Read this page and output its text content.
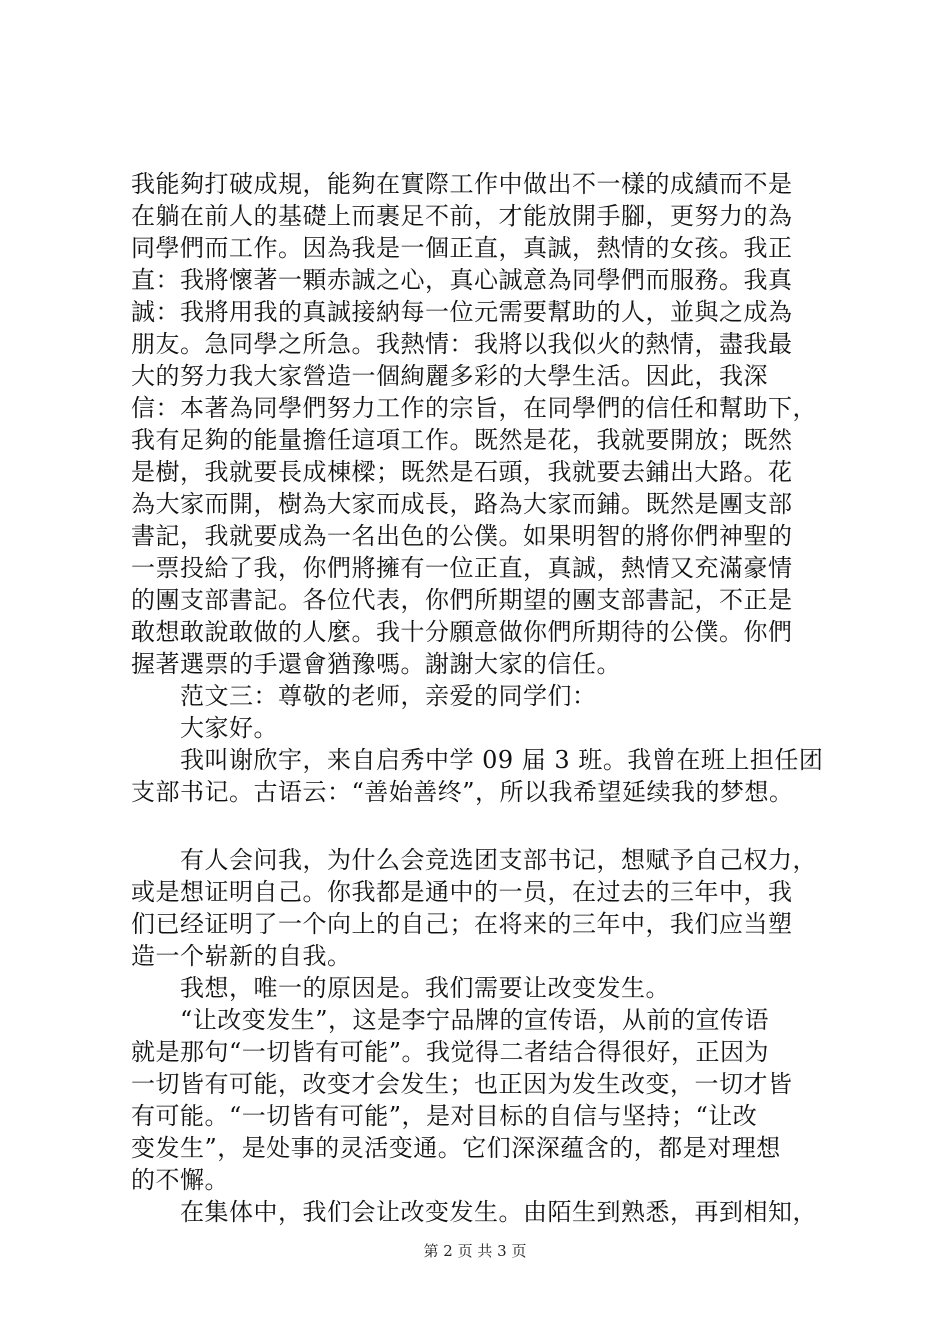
我能夠打破成規，能夠在實際工作中做出不一樣的成績而不是
在躺在前人的基礎上而裹足不前，才能放開手腳，更努力的為
同學們而工作。因為我是一個正直，真誠，熱情的女孩。我正
直：我將懷著一顆赤誠之心，真心誠意為同學們而服務。我真
誠：我將用我的真誠接納每一位元需要幫助的人，並與之成為
朋友。急同學之所急。我熱情：我將以我似火的熱情，盡我最
大的努力我大家營造一個絢麗多彩的大學生活。因此，我深
信：本著為同學們努力工作的宗旨，在同學們的信任和幫助下，
我有足夠的能量擔任這項工作。既然是花，我就要開放；既然
是樹，我就要長成棟樑；既然是石頭，我就要去鋪出大路。花
為大家而開，樹為大家而成長，路為大家而鋪。既然是團支部
書記，我就要成為一名出色的公僕。如果明智的將你們神聖的
一票投給了我，你們將擁有一位正直，真誠，熱情又充滿豪情
的團支部書記。各位代表，你們所期望的團支部書記，不正是
敢想敢說敢做的人麼。我十分願意做你們所期待的公僕。你們
握著選票的手還會猶豫嗎。謝謝大家的信任。
　　范文三：尊敬的老师，亲爱的同学们：
　　大家好。
　　我叫谢欣宇，来自启秀中学 09 届 3 班。我曾在班上担任团
支部书记。古语云：“善始善终”，所以我希望延续我的梦想。
　　有人会问我，为什么会竞选团支部书记，想赋予自己权力，
或是想证明自己。你我都是通中的一员，在过去的三年中，我
们已经证明了一个向上的自己；在将来的三年中，我们应当塑
造一个崭新的自我。
　　我想，唯一的原因是。我们需要让改变发生。
　　“让改变发生”，这是李宁品牌的宣传语，从前的宣传语
就是那句“一切皆有可能”。我觉得二者结合得很好，正因为
一切皆有可能，改变才会发生；也正因为发生改变，一切才皆
有可能。“一切皆有可能”，是对目标的自信与坚持；“让改
变发生”，是处事的灵活变通。它们深深蕴含的，都是对理想
的不懈。
　　在集体中，我们会让改变发生。由陌生到熟悉，再到相知，
第 2 页 共 3 页
